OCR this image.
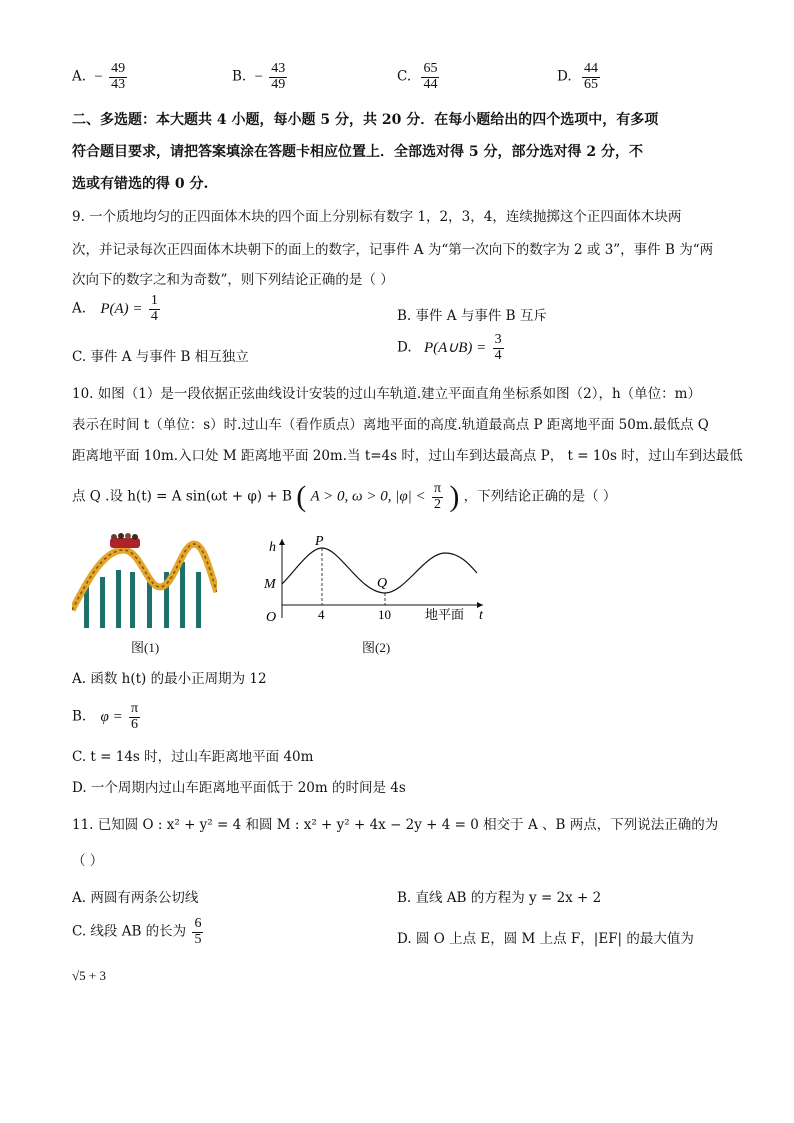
A. − $\frac{49}{43}$	B. − $\frac{43}{49}$	C. $\frac{65}{44}$	D. $\frac{44}{65}$
二、多选题：本大题共 4 小题，每小题 5 分，共 20 分．在每小题给出的四个选项中，有多项
符合题目要求，请把答案填涂在答题卡相应位置上．全部选对得 5 分，部分选对得 2 分，不
选或有错选的得 0 分.
9. 一个质地均匀的正四面体木块的四个面上分别标有数字 1，2，3，4，连续抛掷这个正四面体木块两
次，并记录每次正四面体木块朝下的面上的数字，记事件 A 为“第一次向下的数字为 2 或 3”，事件 B 为“两
次向下的数字之和为奇数”，则下列结论正确的是（ ）
A. $P(A) = \frac{1}{4}$	B. 事件 A 与事件 B 互斥
C. 事件 A 与事件 B 相互独立
D. P(A∪B) = $\frac{3}{4}$
10. 如图（1）是一段依据正弦曲线设计安装的过山车轨道.建立平面直角坐标系如图（2），h（单位：m）
表示在时间 t（单位：s）时.过山车（看作质点）离地平面的高度.轨道最高点 P 距离地平面 50m.最低点 Q
距离地平面 10m.入口处 M 距离地平面 20m.当 t=4s 时，过山车到达最高点 P， t = 10s 时，过山车到达最低
点 Q .设 h(t) = A sin(ωt + φ) + B ( A > 0, ω > 0, $|\varphi| < \frac{\pi}{2}$ ) ，下列结论正确的是（ ）
图(1)
h	P
Q
M
O	4	10	地平面 t
图(2)
A. 函数 h(t) 的最小正周期为 12
B. $\varphi = \frac{\pi}{6}$
C. t = 14s 时，过山车距离地平面 40m
D. 一个周期内过山车距离地平面低于 20m 的时间是 4s
11. 已知圆 O : x² + y² = 4 和圆 M : x² + y² + 4x − 2y + 4 = 0 相交于 A 、B 两点，下列说法正确的为
（ ）
A. 两圆有两条公切线	B. 直线 AB 的方程为 y = 2x + 2
C. 线段 AB 的长为 $\frac{6}{5}$	D. 圆 O 上点 E，圆 M 上点 F，|EF| 的最大值为
√5 + 3
